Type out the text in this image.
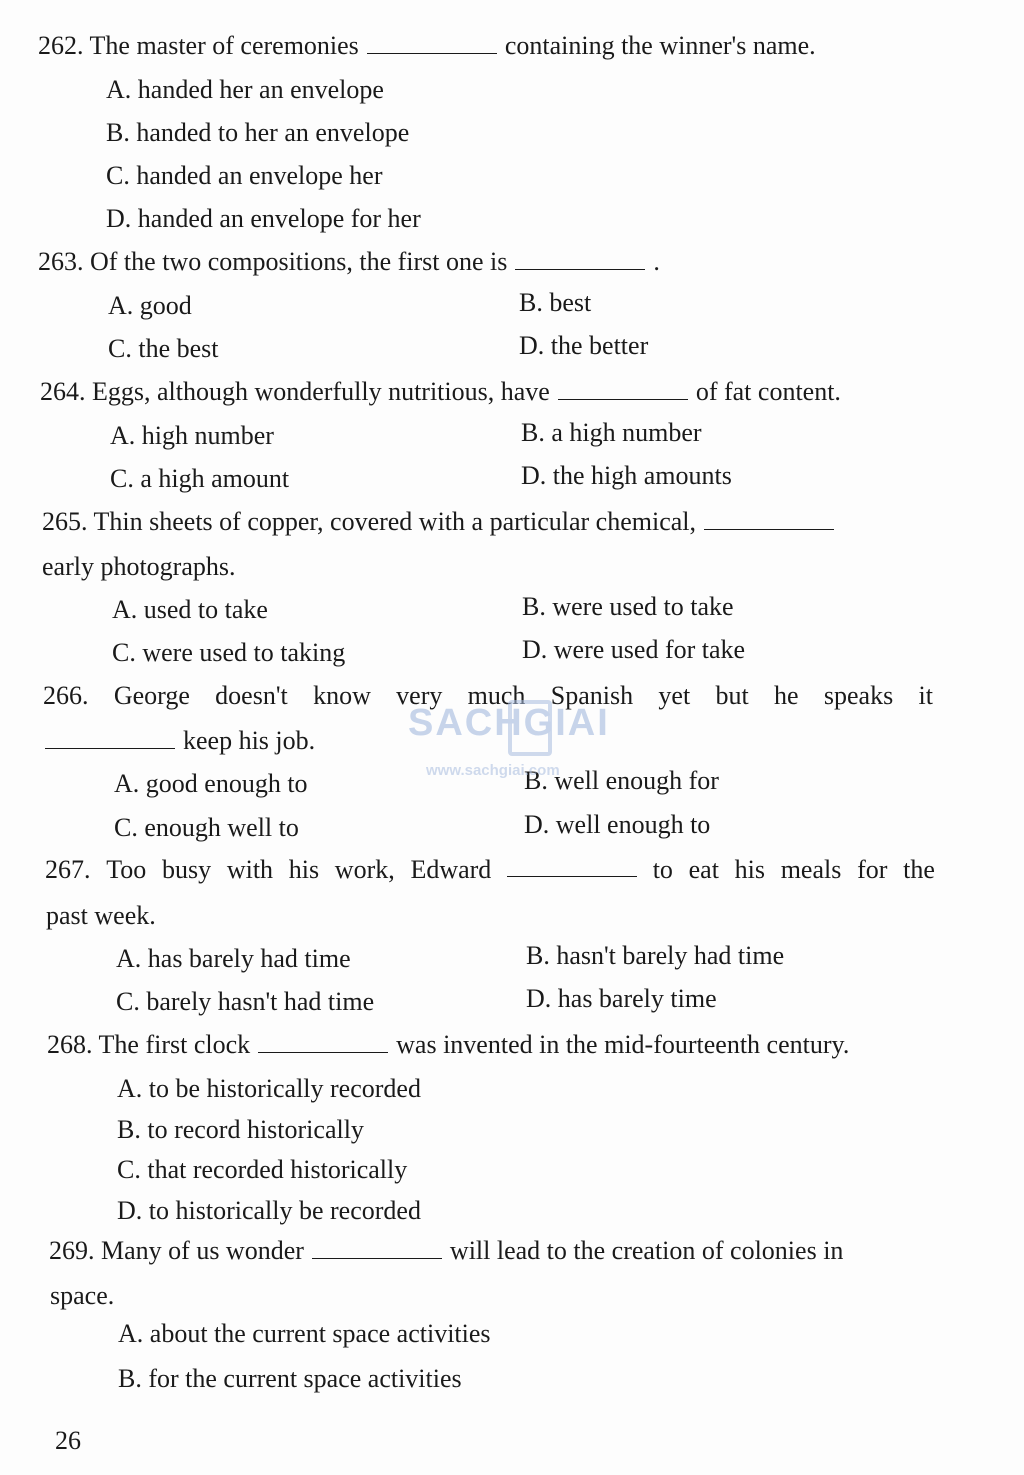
262. The master of ceremonies	containing the winner's name.
A. handed her an envelope
B. handed to her an envelope
C. handed an envelope her
D. handed an envelope for her
263. Of the two compositions, the first one is	.
A. good	B. best
C. the best	D. the better
264. Eggs, although wonderfully nutritious, have	of fat content.
A. high number	B. a high number
C. a high amount	D. the high amounts
265. Thin sheets of copper, covered with a particular chemical,
early photographs.
A. used to take	B. were used to take
C. were used to taking	D. were used for take
266. George doesn't know very much Spanish yet but he speaks it
keep his job.
A. good enough to	B. well enough for
C. enough well to	D. well enough to
267. Too busy with his work, Edward	to eat his meals for the
past week.
A. has barely had time	B. hasn't barely had time
C. barely hasn't had time	D. has barely time
268. The first clock	was invented in the mid-fourteenth century.
A. to be historically recorded
B. to record historically
C. that recorded historically
D. to historically be recorded
269. Many of us wonder	will lead to the creation of colonies in
space.
A. about the current space activities
B. for the current space activities
SACHGIAI
www.sachgiai.com
26
